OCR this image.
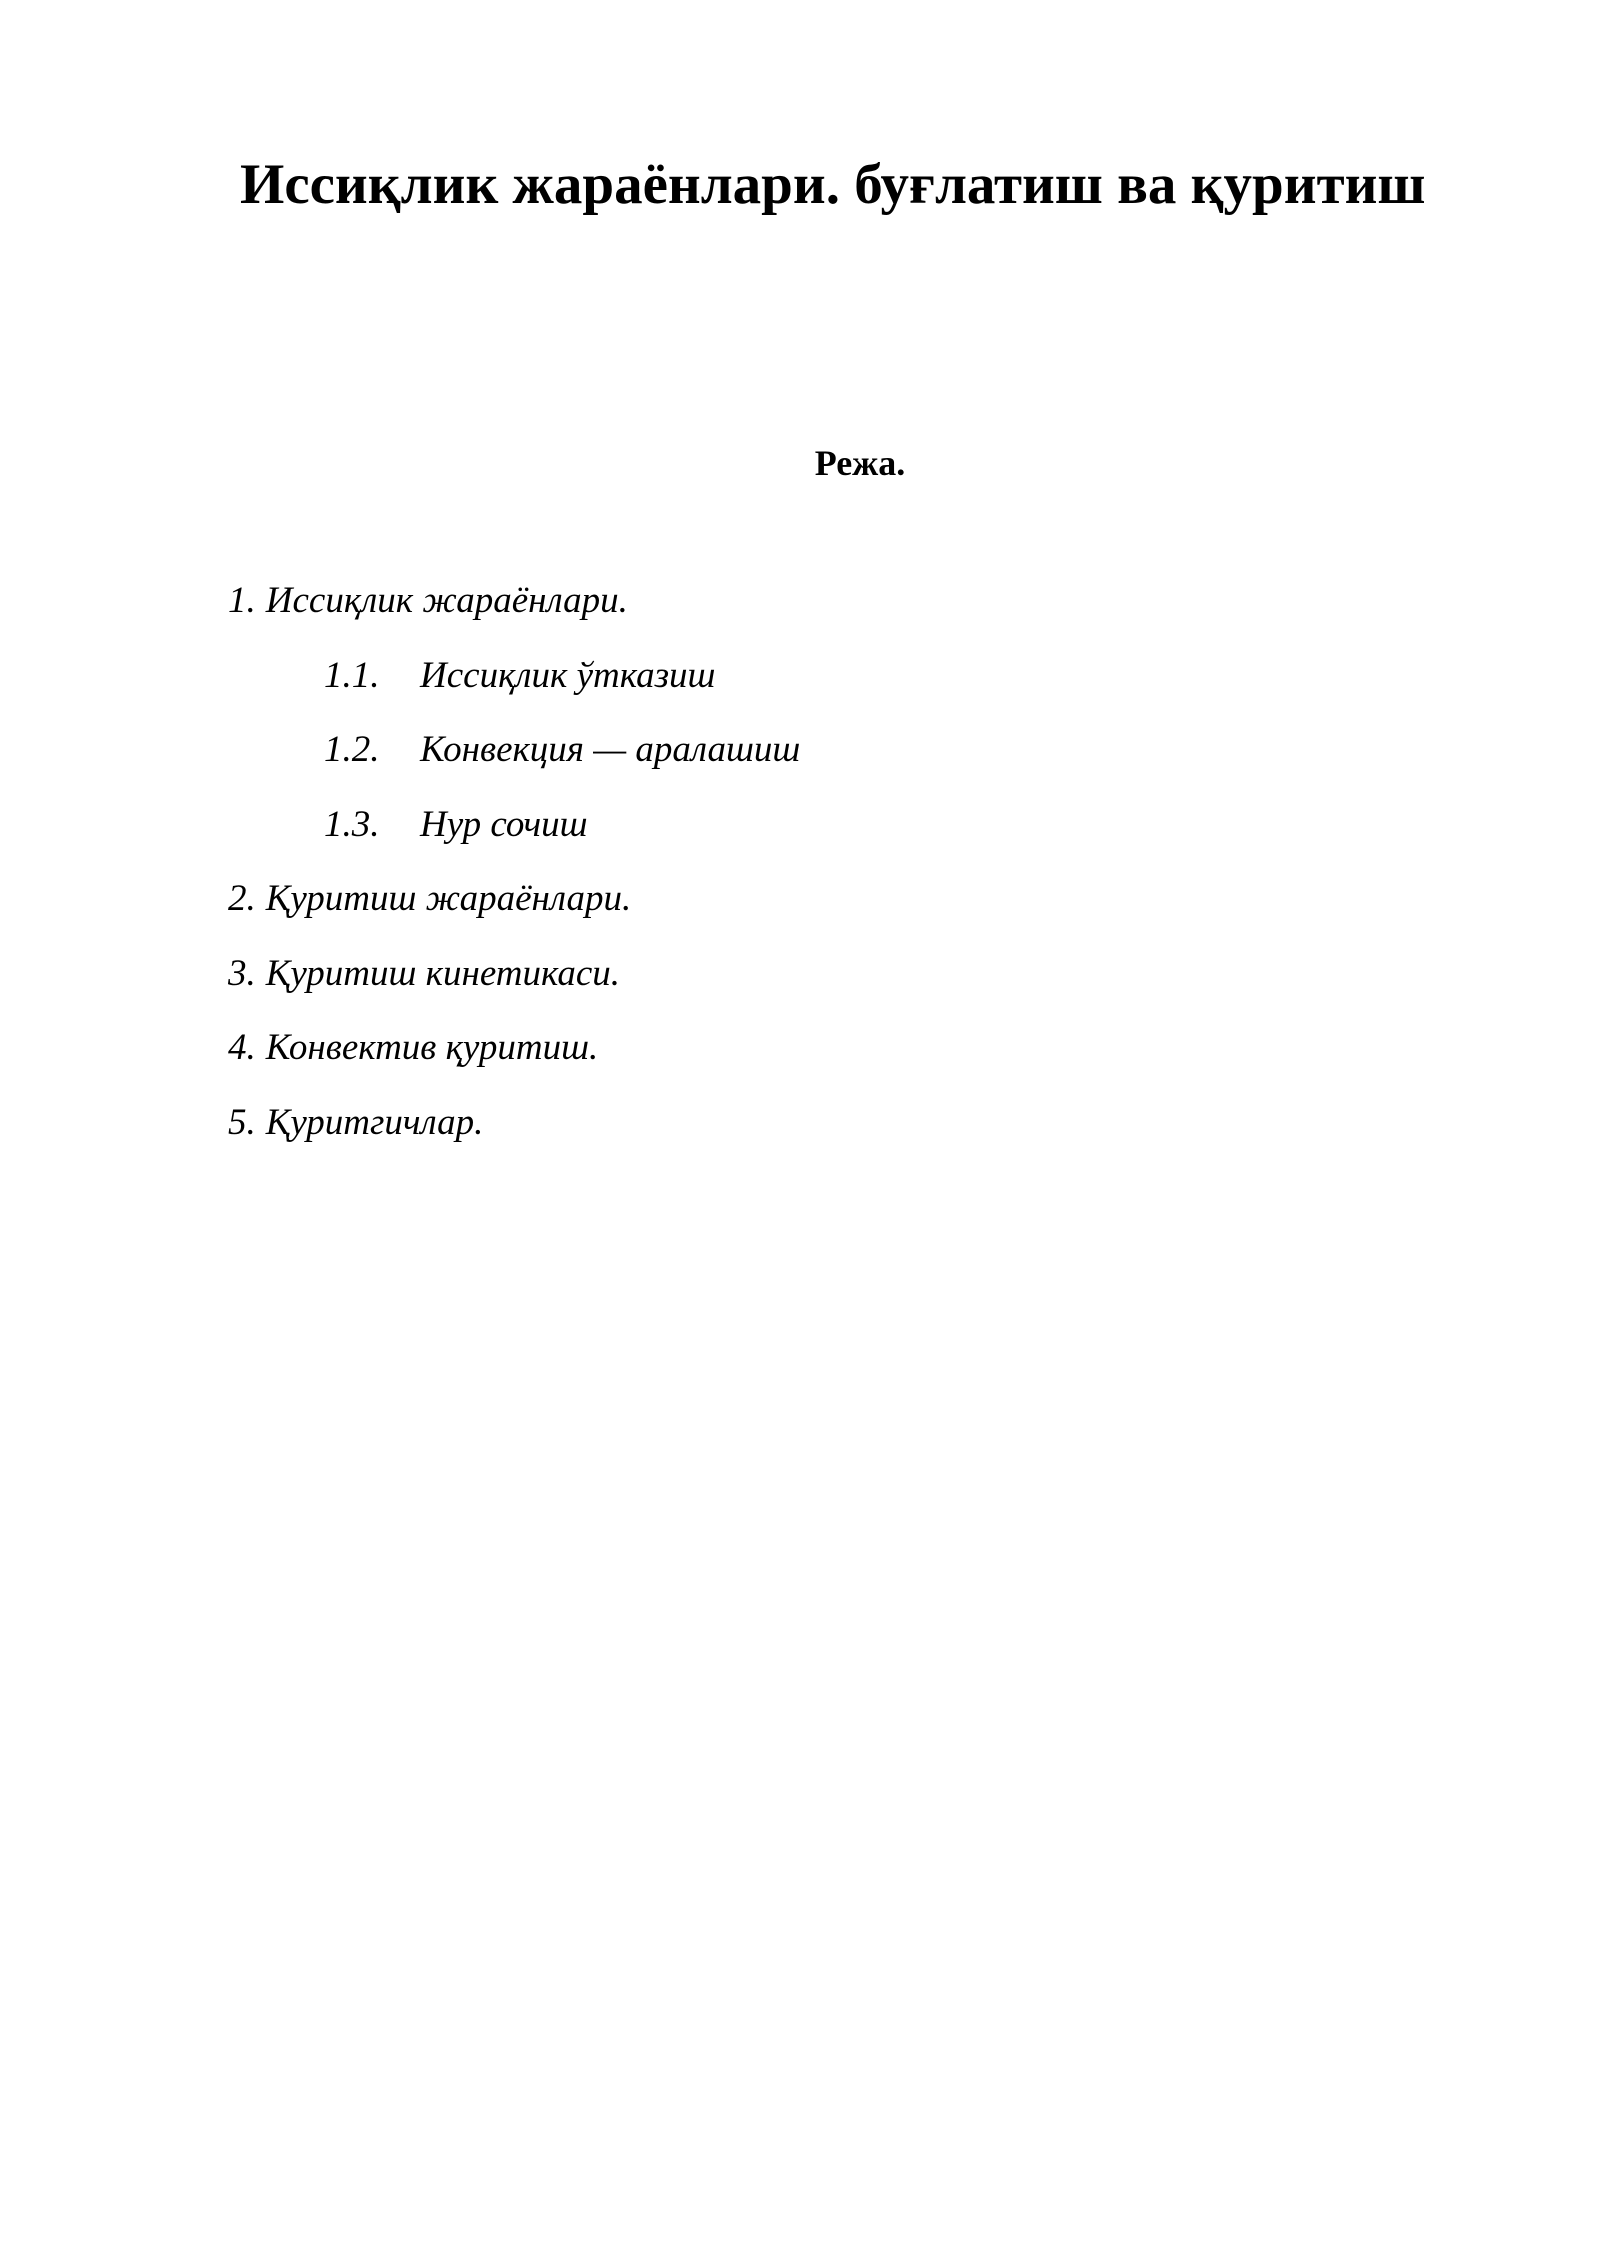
Иссиқлик жараёнлари. буғлатиш ва қуритиш
Режа.
1. Иссиқлик жараёнлари.
1.1. Иссиқлик ўтказиш
1.2. Конвекция — аралашиш
1.3. Нур сочиш
2. Қуритиш жараёнлари.
3. Қуритиш кинетикаси.
4. Конвектив қуритиш.
5. Қуритгичлар.
